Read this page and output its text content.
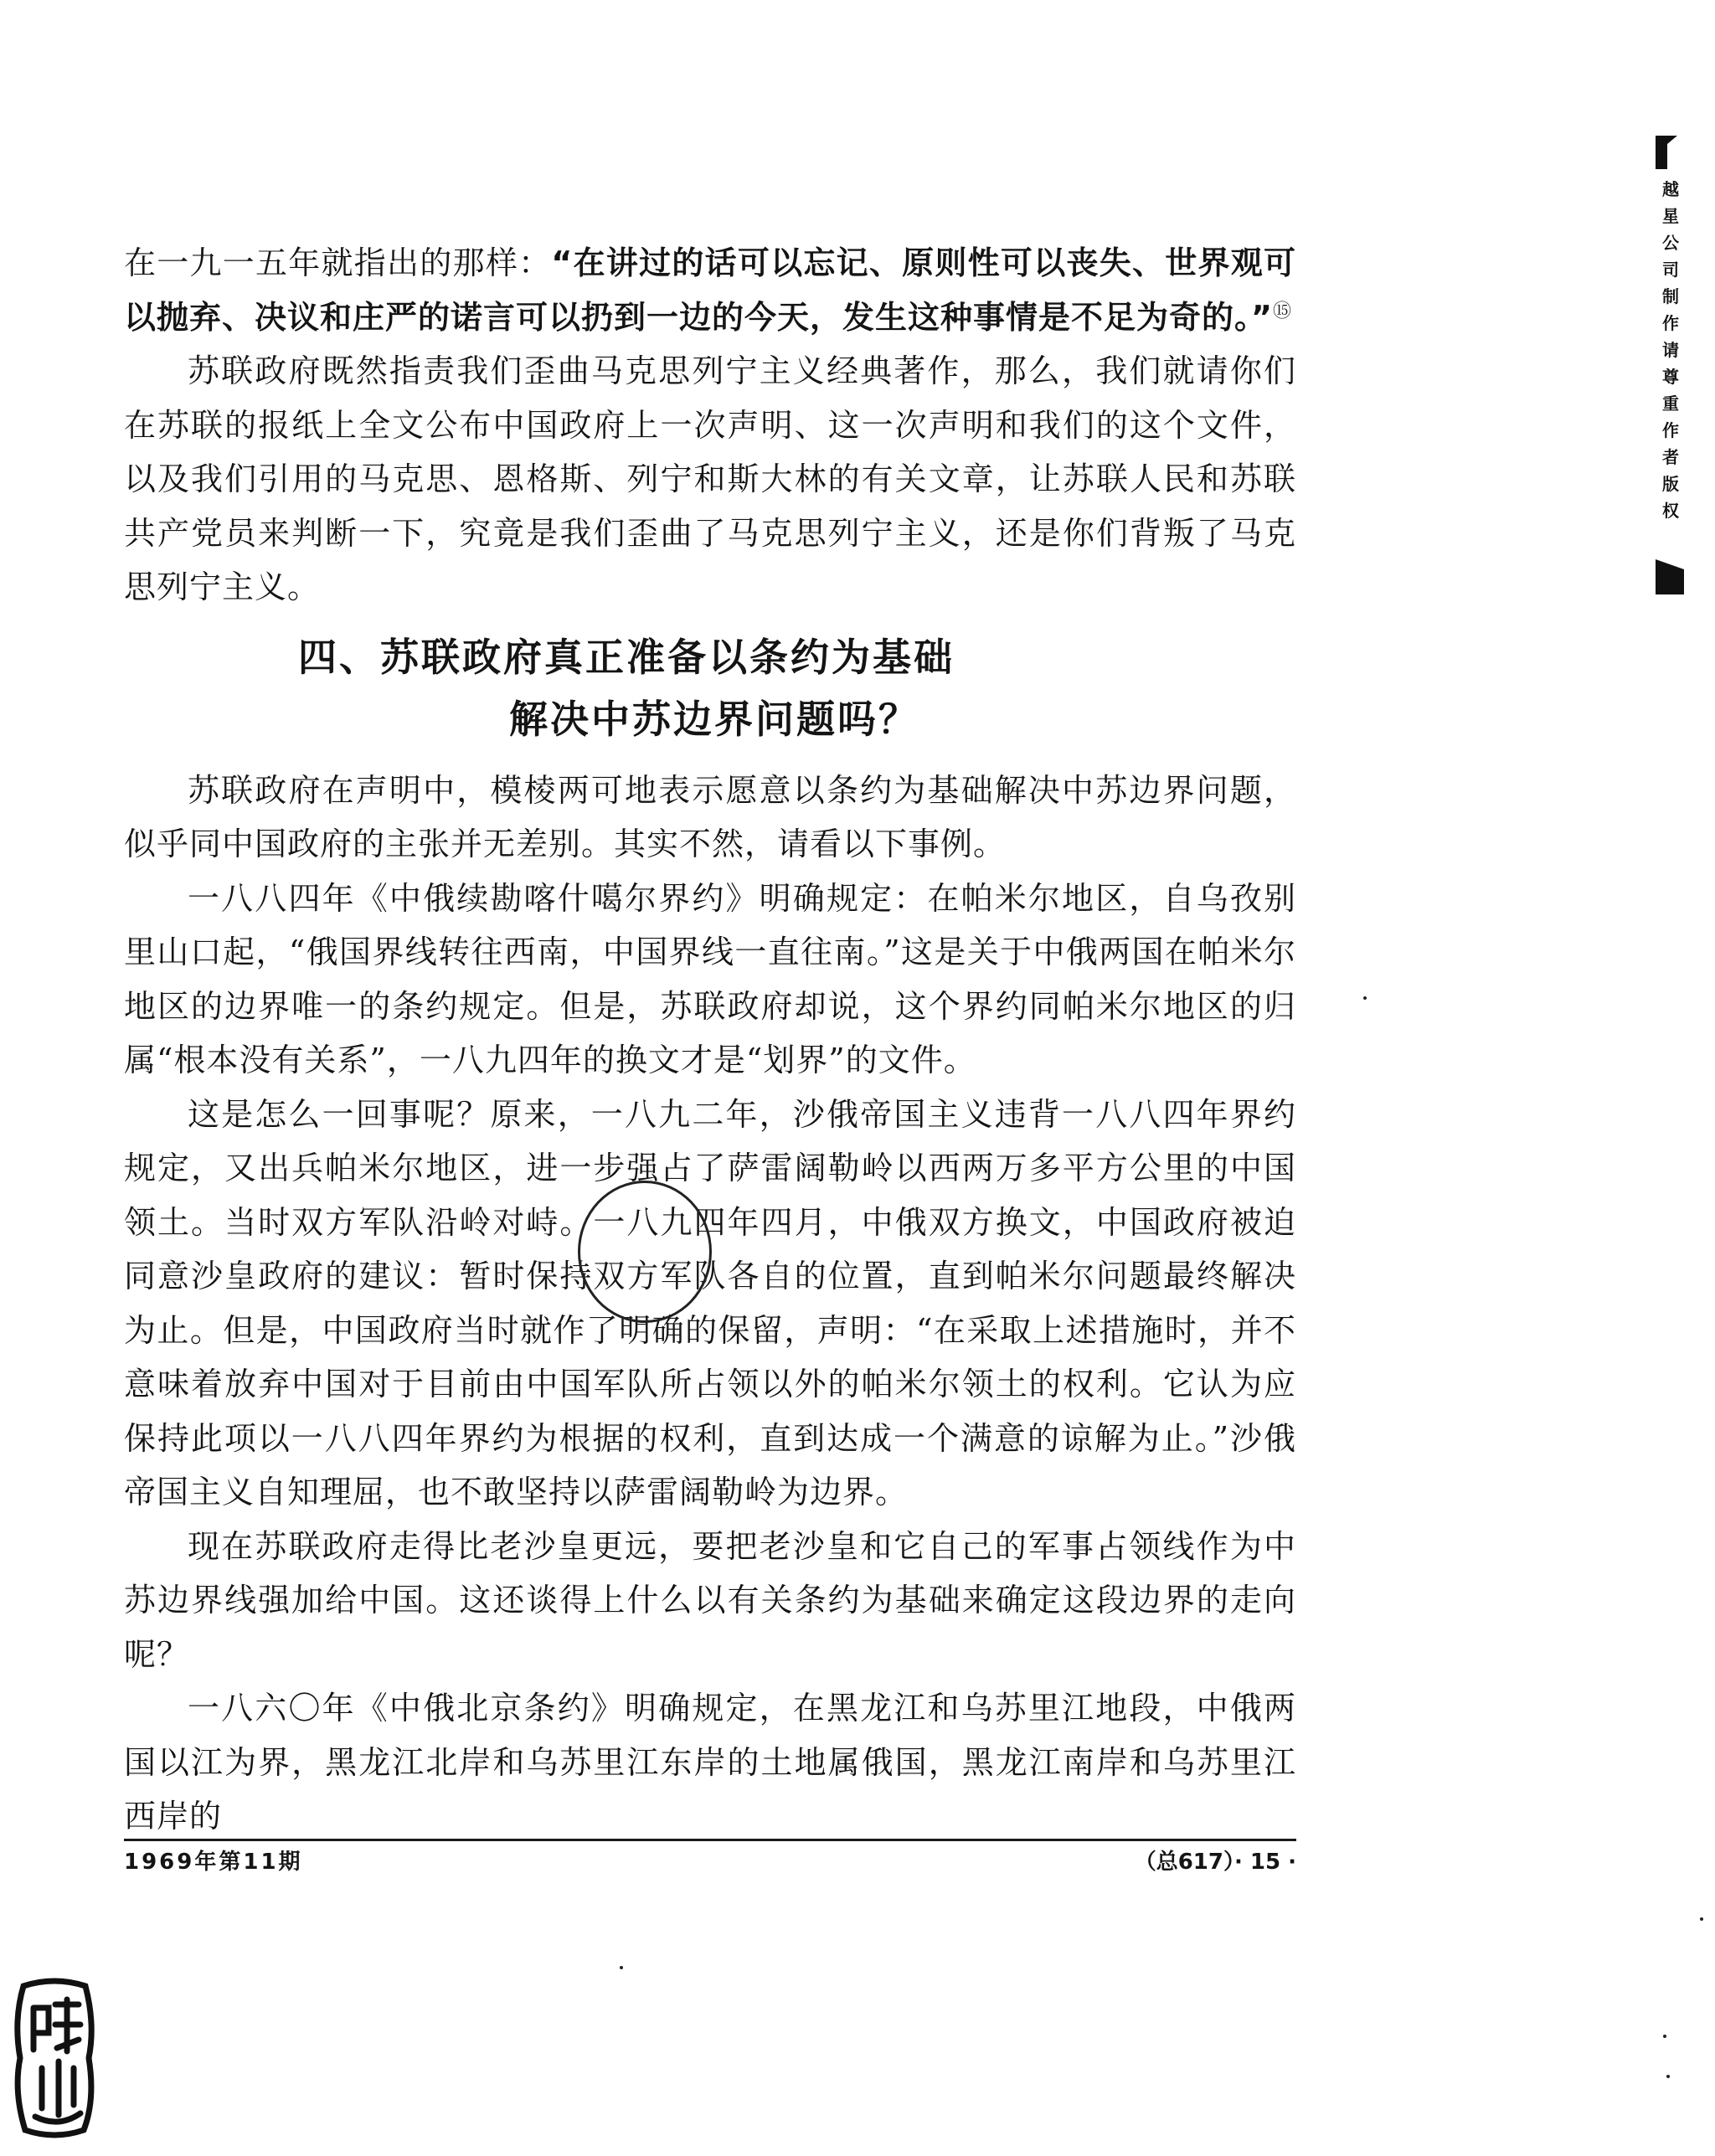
越
星
公
司
制
作
请
尊
重
作
者
版
权

在一九一五年就指出的那样：“在讲过的话可以忘记、原则性可以丧失、世界观可以抛弃、决议和庄严的诺言可以扔到一边的今天，发生这种事情是不足为奇的。”⑮

苏联政府既然指责我们歪曲马克思列宁主义经典著作，那么，我们就请你们在苏联的报纸上全文公布中国政府上一次声明、这一次声明和我们的这个文件，以及我们引用的马克思、恩格斯、列宁和斯大林的有关文章，让苏联人民和苏联共产党员来判断一下，究竟是我们歪曲了马克思列宁主义，还是你们背叛了马克思列宁主义。

四、苏联政府真正准备以条约为基础
解决中苏边界问题吗？

苏联政府在声明中，模棱两可地表示愿意以条约为基础解决中苏边界问题，似乎同中国政府的主张并无差别。其实不然，请看以下事例。

一八八四年《中俄续勘喀什噶尔界约》明确规定：在帕米尔地区，自乌孜别里山口起，“俄国界线转往西南，中国界线一直往南。”这是关于中俄两国在帕米尔地区的边界唯一的条约规定。但是，苏联政府却说，这个界约同帕米尔地区的归属“根本没有关系”，一八九四年的换文才是“划界”的文件。

这是怎么一回事呢？原来，一八九二年，沙俄帝国主义违背一八八四年界约规定，又出兵帕米尔地区，进一步强占了萨雷阔勒岭以西两万多平方公里的中国领土。当时双方军队沿岭对峙。一八九四年四月，中俄双方换文，中国政府被迫同意沙皇政府的建议：暂时保持双方军队各自的位置，直到帕米尔问题最终解决为止。但是，中国政府当时就作了明确的保留，声明：“在采取上述措施时，并不意味着放弃中国对于目前由中国军队所占领以外的帕米尔领土的权利。它认为应保持此项以一八八四年界约为根据的权利，直到达成一个满意的谅解为止。”沙俄帝国主义自知理屈，也不敢坚持以萨雷阔勒岭为边界。

现在苏联政府走得比老沙皇更远，要把老沙皇和它自己的军事占领线作为中苏边界线强加给中国。这还谈得上什么以有关条约为基础来确定这段边界的走向呢？

一八六〇年《中俄北京条约》明确规定，在黑龙江和乌苏里江地段，中俄两国以江为界，黑龙江北岸和乌苏里江东岸的土地属俄国，黑龙江南岸和乌苏里江西岸的

1969年第11期	（总617）· 15 ·
